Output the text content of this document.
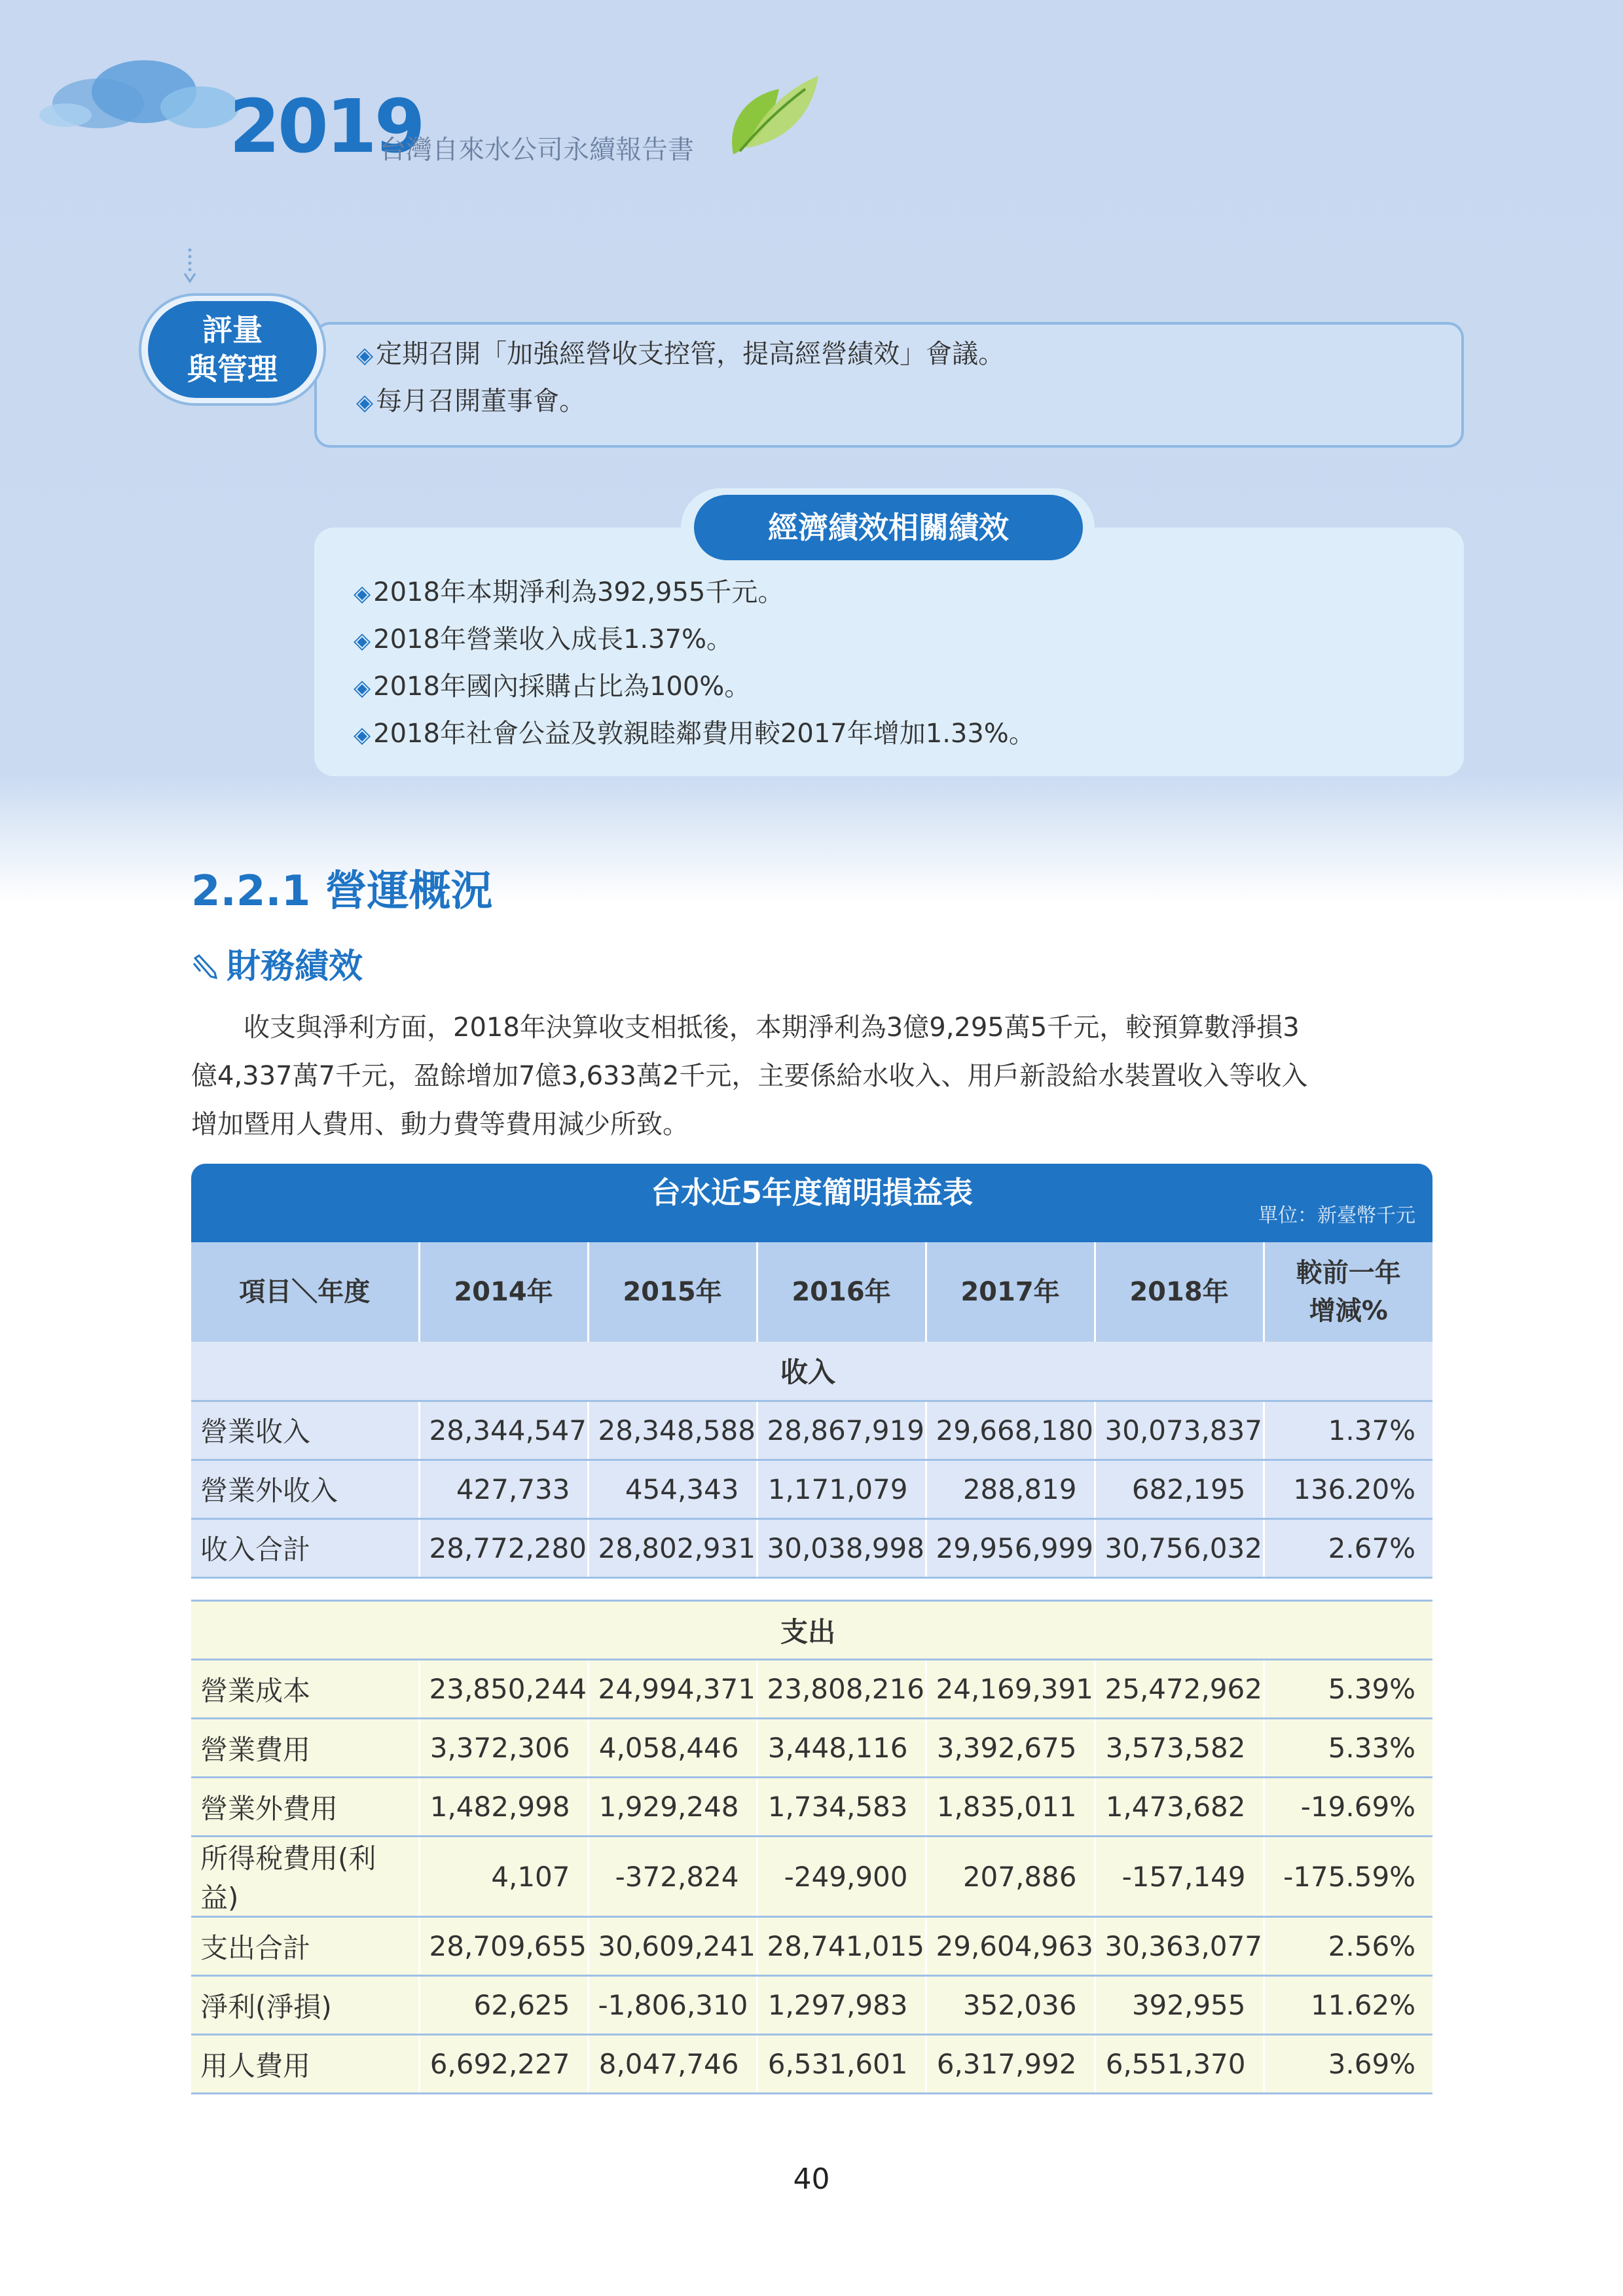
2019
台灣自來水公司永續報告書
◈ 定期召開「加強經營收支控管，提高經營績效」會議。
◈ 每月召開董事會。
評量
與管理
◈ 2018年本期淨利為392,955千元。
◈ 2018年營業收入成長1.37%。
◈ 2018年國內採購占比為100%。
◈ 2018年社會公益及敦親睦鄰費用較2017年增加1.33%。
經濟績效相關績效
2.2.1 營運概況
財務績效
　　收支與淨利方面，2018年決算收支相抵後，本期淨利為3億9,295萬5千元，較預算數淨損3
億4,337萬7千元，盈餘增加7億3,633萬2千元，主要係給水收入、用戶新設給水裝置收入等收入
增加暨用人費用、動力費等費用減少所致。
台水近5年度簡明損益表
單位：新臺幣千元
項目＼年度	2014年	2015年	2016年	2017年	2018年	較前一年
增減%
收入						
營業收入	28,344,547	28,348,588	28,867,919	29,668,180	30,073,837	1.37%
營業外收入	427,733	454,343	1,171,079	288,819	682,195	136.20%
收入合計	28,772,280	28,802,931	30,038,998	29,956,999	30,756,032	2.67%
支出						
營業成本	23,850,244	24,994,371	23,808,216	24,169,391	25,472,962	5.39%
營業費用	3,372,306	4,058,446	3,448,116	3,392,675	3,573,582	5.33%
營業外費用	1,482,998	1,929,248	1,734,583	1,835,011	1,473,682	-19.69%
所得稅費用(利益)	4,107	-372,824	-249,900	207,886	-157,149	-175.59%
支出合計	28,709,655	30,609,241	28,741,015	29,604,963	30,363,077	2.56%
淨利(淨損)	62,625	-1,806,310	1,297,983	352,036	392,955	11.62%
用人費用	6,692,227	8,047,746	6,531,601	6,317,992	6,551,370	3.69%
40
